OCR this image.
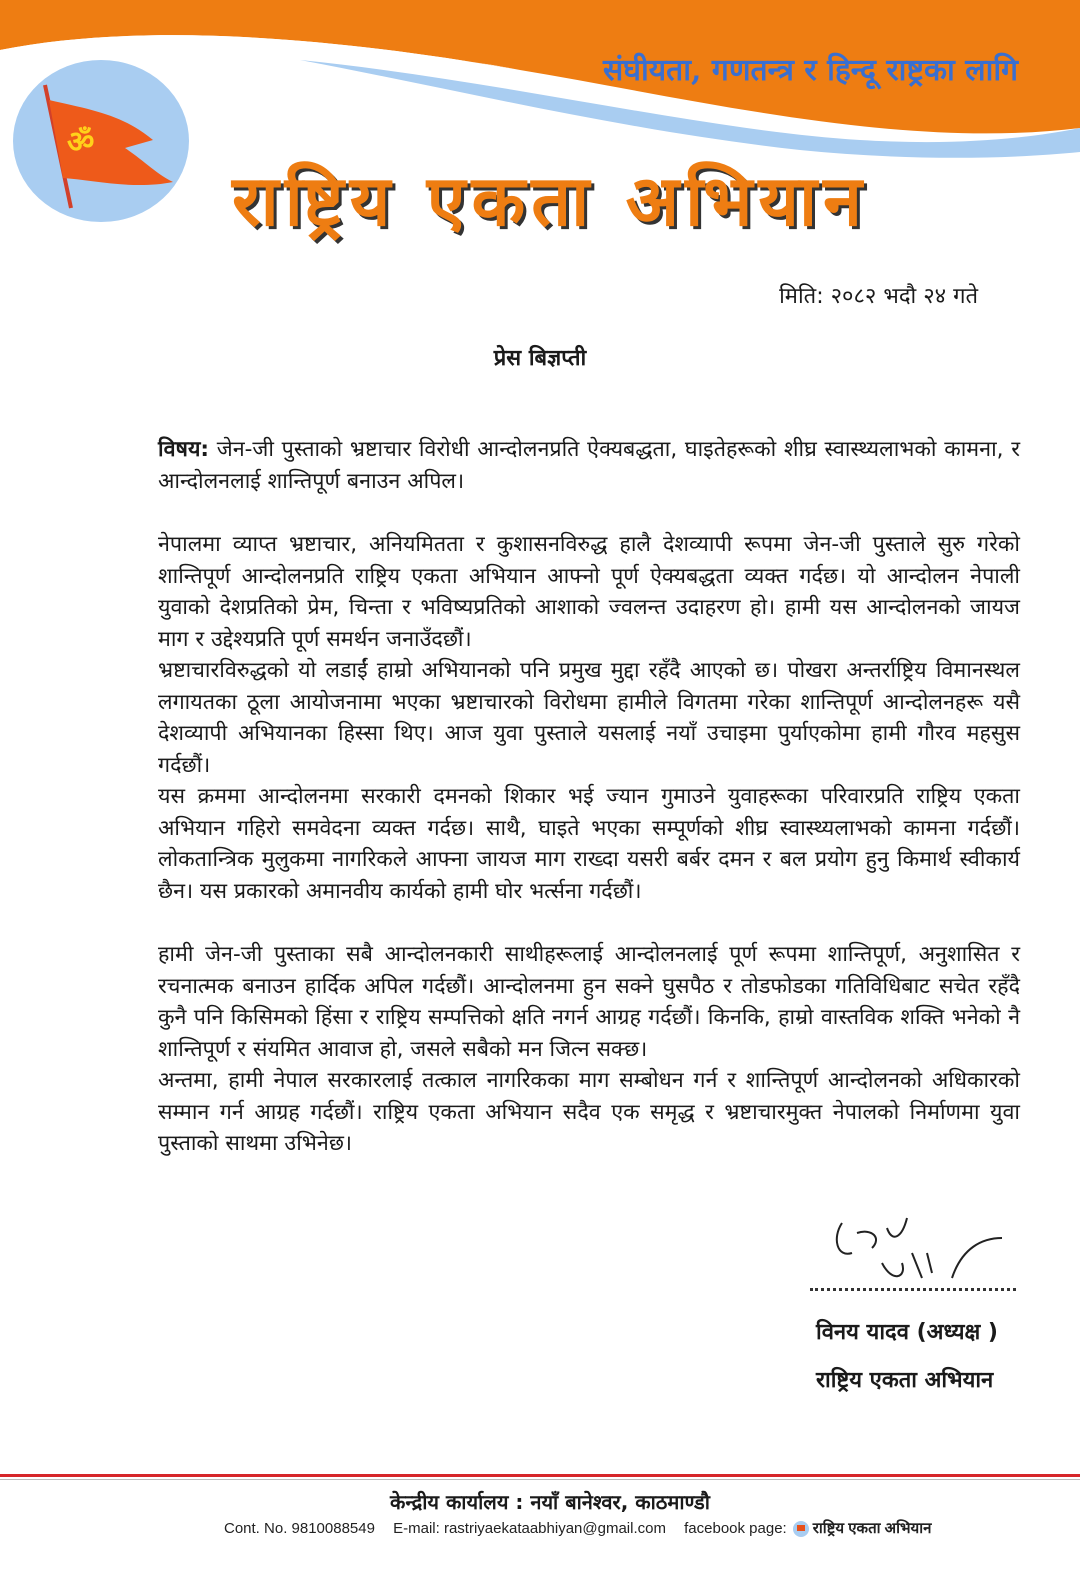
ॐ
संघीयता, गणतन्त्र र हिन्दू राष्ट्रका लागि
राष्ट्रिय एकता अभियान
मिति: २०८२ भदौ २४ गते
प्रेस बिज्ञप्ती

विषय: जेन-जी पुस्ताको भ्रष्टाचार विरोधी आन्दोलनप्रति ऐक्यबद्धता, घाइतेहरूको शीघ्र स्वास्थ्यलाभको कामना, र आन्दोलनलाई शान्तिपूर्ण बनाउन अपिल।

नेपालमा व्याप्त भ्रष्टाचार, अनियमितता र कुशासनविरुद्ध हालै देशव्यापी रूपमा जेन-जी पुस्ताले सुरु गरेको शान्तिपूर्ण आन्दोलनप्रति राष्ट्रिय एकता अभियान आफ्नो पूर्ण ऐक्यबद्धता व्यक्त गर्दछ। यो आन्दोलन नेपाली युवाको देशप्रतिको प्रेम, चिन्ता र भविष्यप्रतिको आशाको ज्वलन्त उदाहरण हो। हामी यस आन्दोलनको जायज माग र उद्देश्यप्रति पूर्ण समर्थन जनाउँदछौं।

भ्रष्टाचारविरुद्धको यो लडाईं हाम्रो अभियानको पनि प्रमुख मुद्दा रहँदै आएको छ। पोखरा अन्तर्राष्ट्रिय विमानस्थल लगायतका ठूला आयोजनामा भएका भ्रष्टाचारको विरोधमा हामीले विगतमा गरेका शान्तिपूर्ण आन्दोलनहरू यसै देशव्यापी अभियानका हिस्सा थिए। आज युवा पुस्ताले यसलाई नयाँ उचाइमा पुर्याएकोमा हामी गौरव महसुस गर्दछौं।

यस क्रममा आन्दोलनमा सरकारी दमनको शिकार भई ज्यान गुमाउने युवाहरूका परिवारप्रति राष्ट्रिय एकता अभियान गहिरो समवेदना व्यक्त गर्दछ। साथै, घाइते भएका सम्पूर्णको शीघ्र स्वास्थ्यलाभको कामना गर्दछौं। लोकतान्त्रिक मुलुकमा नागरिकले आफ्ना जायज माग राख्दा यसरी बर्बर दमन र बल प्रयोग हुनु किमार्थ स्वीकार्य छैन। यस प्रकारको अमानवीय कार्यको हामी घोर भर्त्सना गर्दछौं।

हामी जेन-जी पुस्ताका सबै आन्दोलनकारी साथीहरूलाई आन्दोलनलाई पूर्ण रूपमा शान्तिपूर्ण, अनुशासित र रचनात्मक बनाउन हार्दिक अपिल गर्दछौं। आन्दोलनमा हुन सक्ने घुसपैठ र तोडफोडका गतिविधिबाट सचेत रहँदै कुनै पनि किसिमको हिंसा र राष्ट्रिय सम्पत्तिको क्षति नगर्न आग्रह गर्दछौं। किनकि, हाम्रो वास्तविक शक्ति भनेको नै शान्तिपूर्ण र संयमित आवाज हो, जसले सबैको मन जित्न सक्छ।

अन्तमा, हामी नेपाल सरकारलाई तत्काल नागरिकका माग सम्बोधन गर्न र शान्तिपूर्ण आन्दोलनको अधिकारको सम्मान गर्न आग्रह गर्दछौं। राष्ट्रिय एकता अभियान सदैव एक समृद्ध र भ्रष्टाचारमुक्त नेपालको निर्माणमा युवा पुस्ताको साथमा उभिनेछ।

विनय यादव (अध्यक्ष )
राष्ट्रिय एकता अभियान
केन्द्रीय कार्यालय : नयाँ बानेश्वर, काठमाण्डौ
Cont. No. 9810088549 E-mail: rastriyaekataabhiyan@gmail.com facebook page: राष्ट्रिय एकता अभियान
